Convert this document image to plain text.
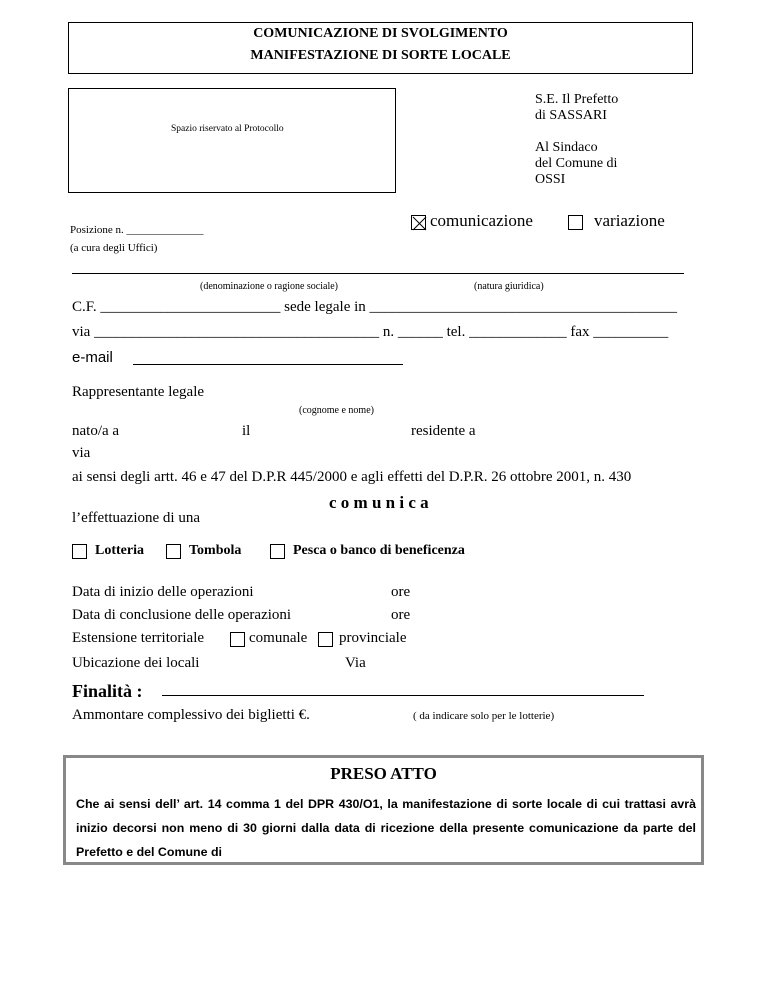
COMUNICAZIONE DI SVOLGIMENTO
MANIFESTAZIONE DI SORTE LOCALE
Spazio riservato al Protocollo
S.E. Il Prefetto
di SASSARI
Al Sindaco
del Comune di
OSSI
Posizione n. ______________
(a cura degli Uffici)
comunicazione	variazione
(denominazione o ragione sociale)	(natura giuridica)
C.F. ________________________ sede legale in _________________________________________
via ______________________________________ n. ______ tel. _____________ fax __________
e-mail
Rappresentante legale
(cognome e nome)
nato/a a	il	residente a
via
ai sensi degli artt. 46 e 47 del D.P.R 445/2000 e agli effetti del D.P.R. 26 ottobre 2001, n. 430
c o m u n i c a
l’effettuazione di una
Lotteria	Tombola	Pesca o banco di beneficenza
Data di inizio delle operazioni	ore
Data di conclusione delle operazioni	ore
Estensione territoriale	comunale provinciale
Ubicazione dei locali	Via
Finalità :
Ammontare complessivo dei biglietti €.	( da indicare solo per le lotterie)
PRESO ATTO
Che ai sensi dell’ art. 14 comma 1 del DPR 430/O1, la manifestazione di sorte locale di cui trattasi avrà inizio decorsi non meno di 30 giorni dalla data di ricezione della presente comunicazione da parte del Prefetto e del Comune di
